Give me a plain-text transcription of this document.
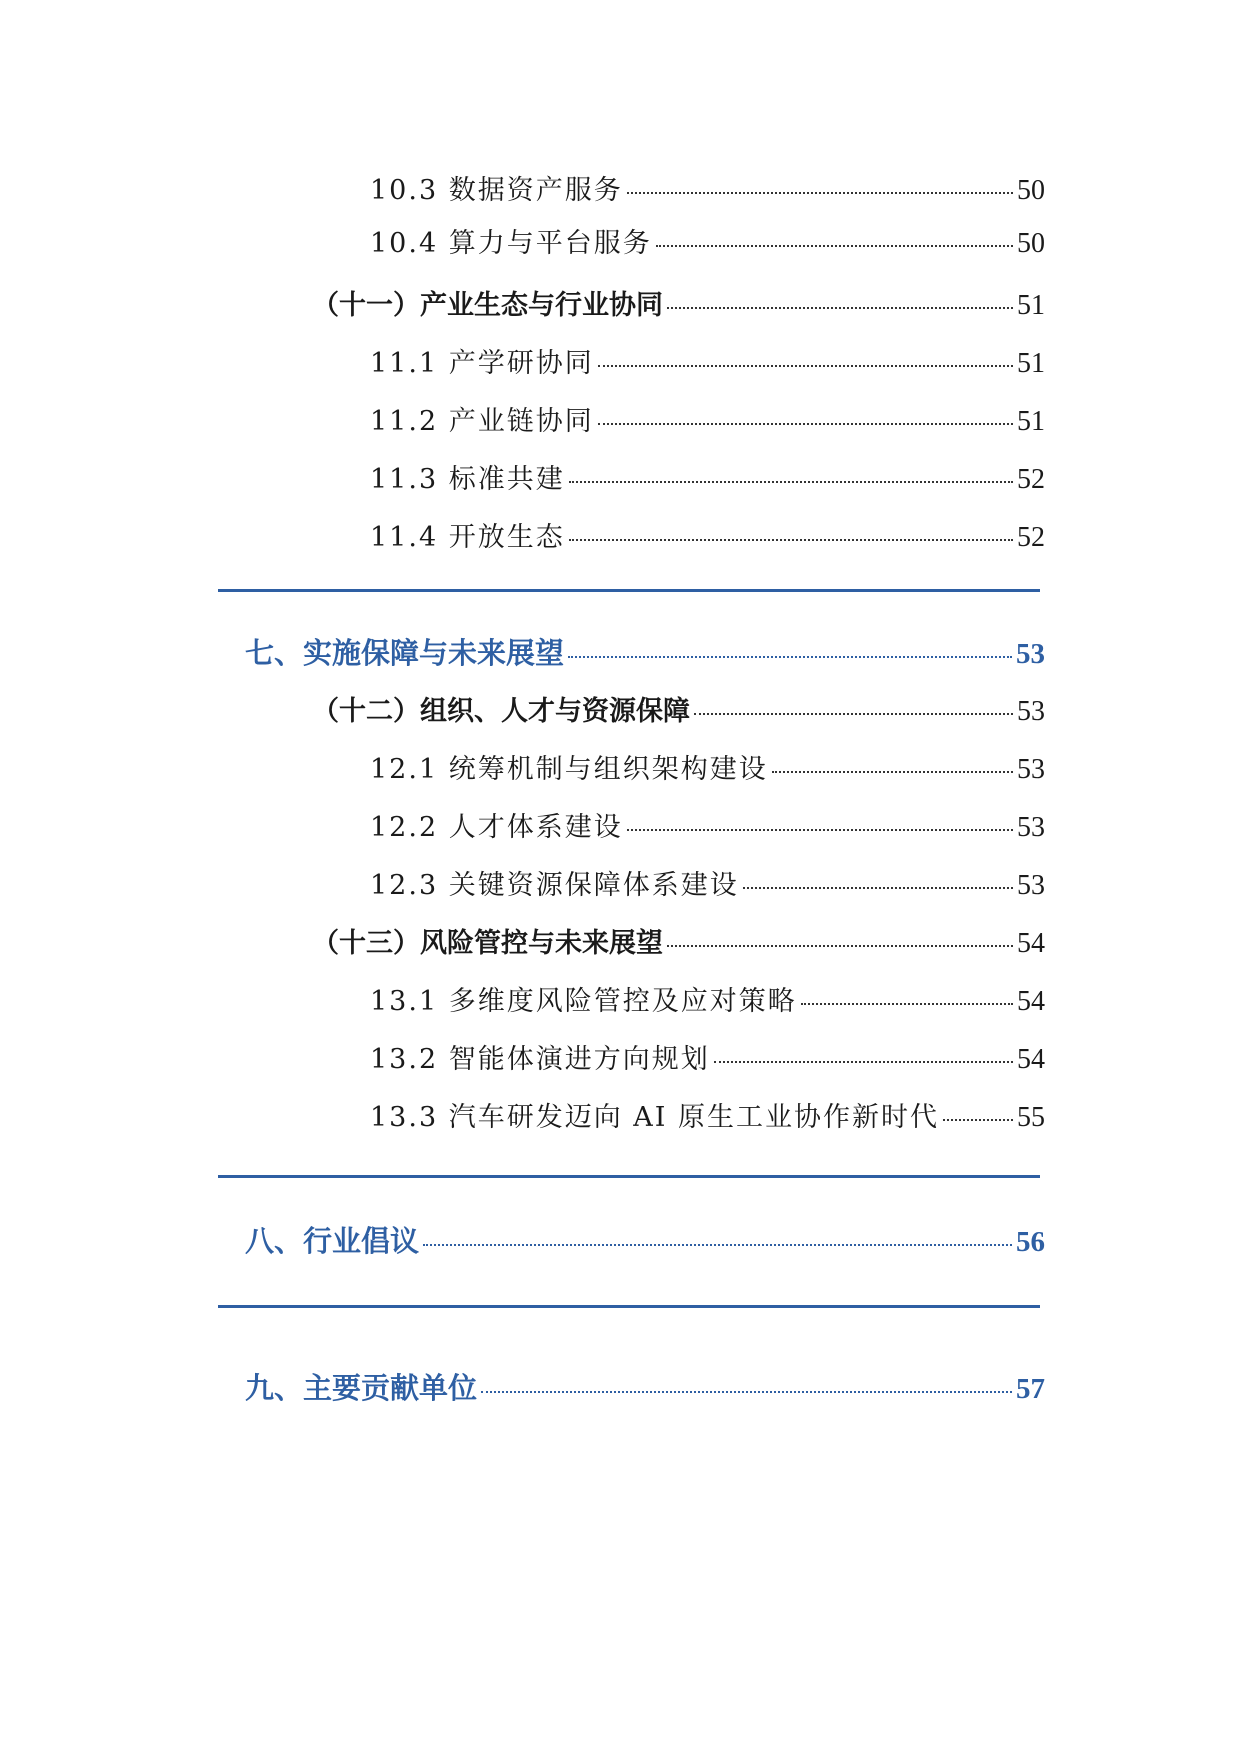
10.3 数据资产服务	50
10.4 算力与平台服务	50
（十一）产业生态与行业协同	51
11.1 产学研协同	51
11.2 产业链协同	51
11.3 标准共建	52
11.4 开放生态	52
七、实施保障与未来展望	53
（十二）组织、人才与资源保障	53
12.1 统筹机制与组织架构建设	53
12.2 人才体系建设	53
12.3 关键资源保障体系建设	53
（十三）风险管控与未来展望	54
13.1 多维度风险管控及应对策略	54
13.2 智能体演进方向规划	54
13.3 汽车研发迈向 AI 原生工业协作新时代	55
八、行业倡议	56
九、主要贡献单位	57
